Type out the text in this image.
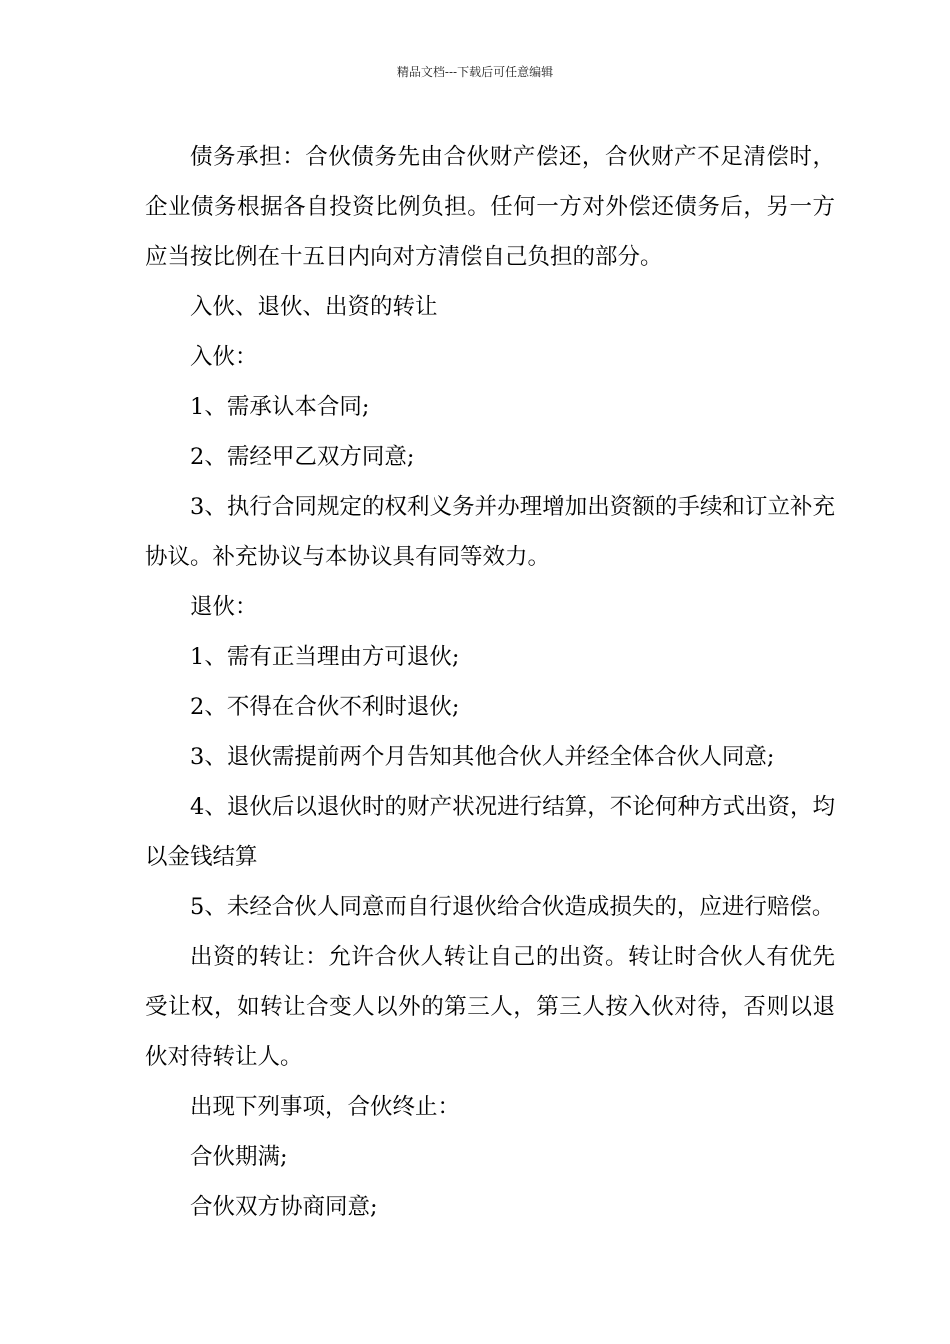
精品文档---下载后可任意编辑

债务承担：合伙债务先由合伙财产偿还，合伙财产不足清偿时，企业债务根据各自投资比例负担。任何一方对外偿还债务后，另一方应当按比例在十五日内向对方清偿自己负担的部分。

入伙、退伙、出资的转让

入伙：

1、需承认本合同;

2、需经甲乙双方同意;

3、执行合同规定的权利义务并办理增加出资额的手续和订立补充协议。补充协议与本协议具有同等效力。

退伙：

1、需有正当理由方可退伙;

2、不得在合伙不利时退伙;

3、退伙需提前两个月告知其他合伙人并经全体合伙人同意;

4、退伙后以退伙时的财产状况进行结算，不论何种方式出资，均以金钱结算

5、未经合伙人同意而自行退伙给合伙造成损失的，应进行赔偿。

出资的转让：允许合伙人转让自己的出资。转让时合伙人有优先受让权，如转让合变人以外的第三人，第三人按入伙对待，否则以退伙对待转让人。

出现下列事项，合伙终止：

合伙期满;

合伙双方协商同意;
